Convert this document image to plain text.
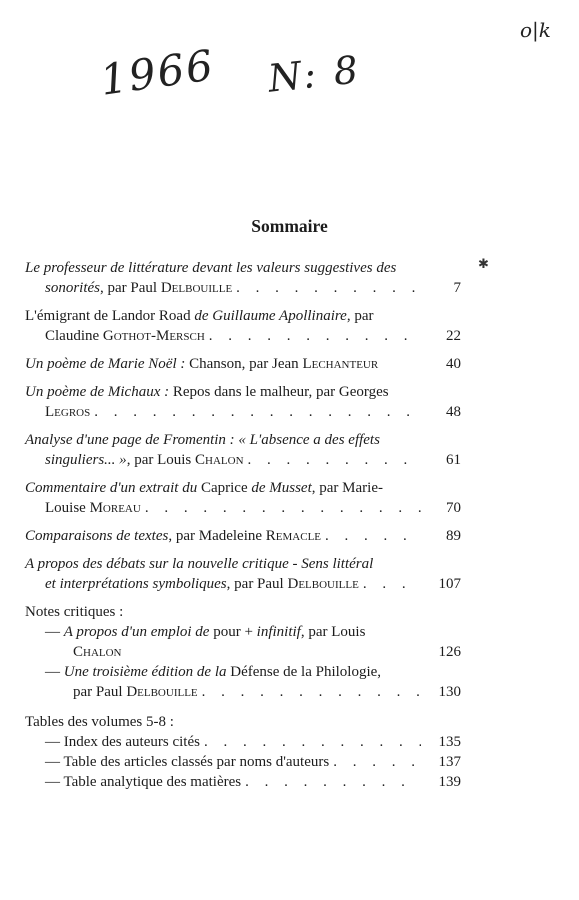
1966 N: 8
o|k
✱
Sommaire
Le professeur de littérature devant les valeurs suggestives des
sonorités, par Paul Delbouille . . .	7
L'émigrant de Landor Road de Guillaume Apollinaire, par
Claudine Gothot-Mersch . . .	22
Un poème de Marie Noël : Chanson, par Jean Lechanteur	40
Un poème de Michaux : Repos dans le malheur, par Georges
Legros . . .	48
Analyse d'une page de Fromentin : « L'absence a des effets
singuliers... », par Louis Chalon . . .	61
Commentaire d'un extrait du Caprice de Musset, par Marie-
Louise Moreau . . .	70
Comparaisons de textes, par Madeleine Remacle . . .	89
A propos des débats sur la nouvelle critique - Sens littéral
et interprétations symboliques, par Paul Delbouille . . .	107
Notes critiques :
— A propos d'un emploi de pour + infinitif, par Louis
Chalon	126
— Une troisième édition de la Défense de la Philologie,
par Paul Delbouille . . .	130
Tables des volumes 5-8 :
— Index des auteurs cités . . .	135
— Table des articles classés par noms d'auteurs . . .	137
— Table analytique des matières . . .	139
